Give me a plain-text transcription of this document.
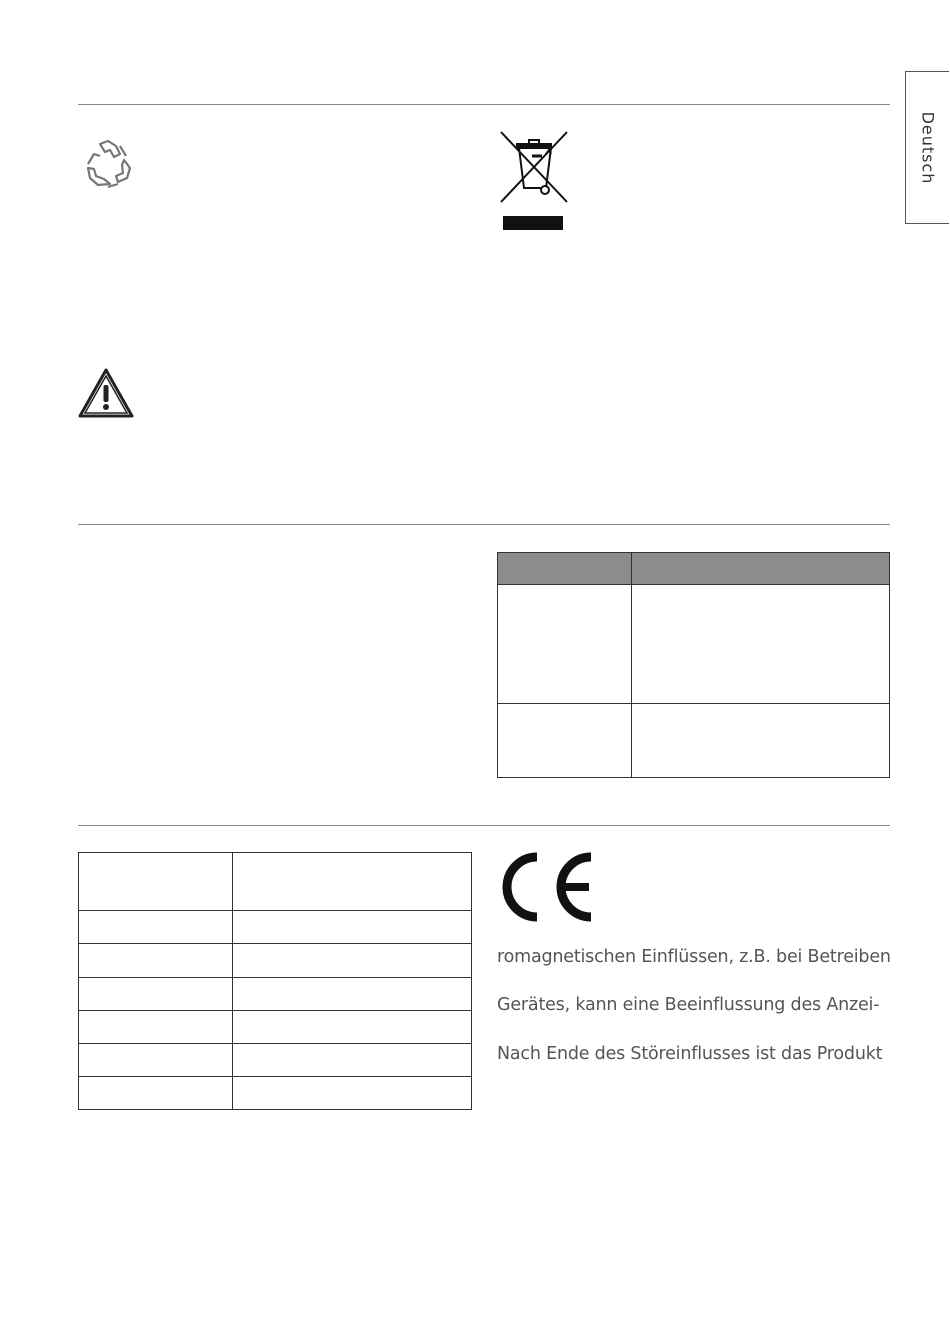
Deutsch

romagnetischen Einflüssen, z.B. bei Betreiben
Gerätes, kann eine Beeinflussung des Anzei-
Nach Ende des Störeinflusses ist das Produkt
